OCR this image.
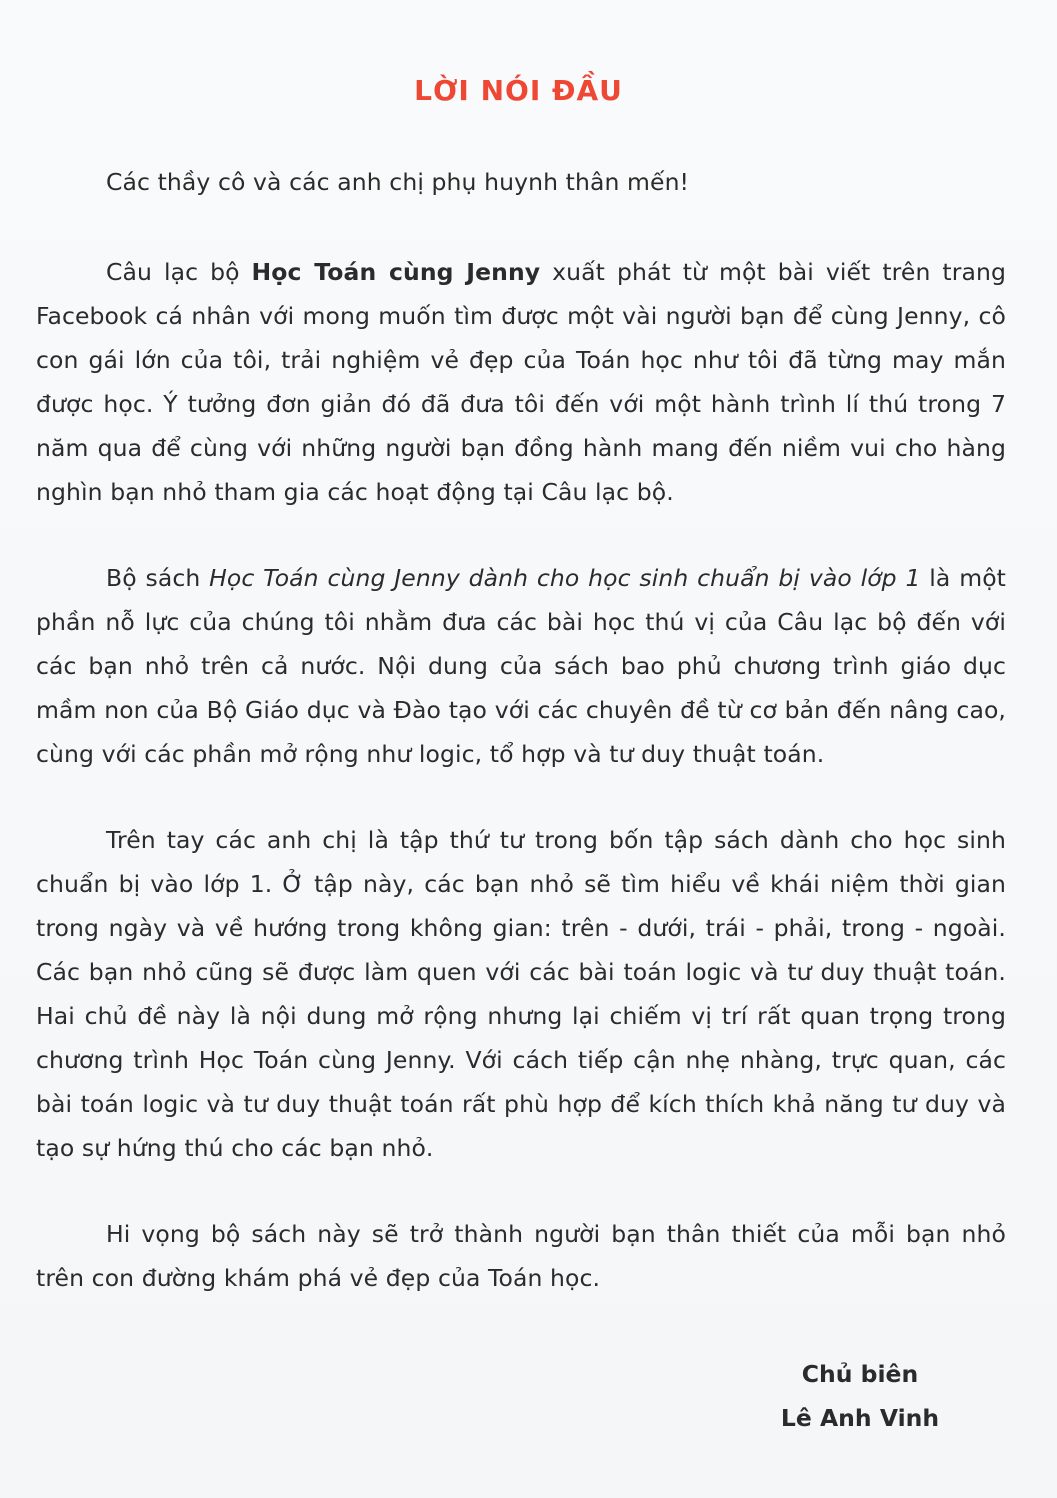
LỜI NÓI ĐẦU

Các thầy cô và các anh chị phụ huynh thân mến!

Câu lạc bộ Học Toán cùng Jenny xuất phát từ một bài viết trên trang Facebook cá nhân với mong muốn tìm được một vài người bạn để cùng Jenny, cô con gái lớn của tôi, trải nghiệm vẻ đẹp của Toán học như tôi đã từng may mắn được học. Ý tưởng đơn giản đó đã đưa tôi đến với một hành trình lí thú trong 7 năm qua để cùng với những người bạn đồng hành mang đến niềm vui cho hàng nghìn bạn nhỏ tham gia các hoạt động tại Câu lạc bộ.

Bộ sách Học Toán cùng Jenny dành cho học sinh chuẩn bị vào lớp 1 là một phần nỗ lực của chúng tôi nhằm đưa các bài học thú vị của Câu lạc bộ đến với các bạn nhỏ trên cả nước. Nội dung của sách bao phủ chương trình giáo dục mầm non của Bộ Giáo dục và Đào tạo với các chuyên đề từ cơ bản đến nâng cao, cùng với các phần mở rộng như logic, tổ hợp và tư duy thuật toán.

Trên tay các anh chị là tập thứ tư trong bốn tập sách dành cho học sinh chuẩn bị vào lớp 1. Ở tập này, các bạn nhỏ sẽ tìm hiểu về khái niệm thời gian trong ngày và về hướng trong không gian: trên - dưới, trái - phải, trong - ngoài. Các bạn nhỏ cũng sẽ được làm quen với các bài toán logic và tư duy thuật toán. Hai chủ đề này là nội dung mở rộng nhưng lại chiếm vị trí rất quan trọng trong chương trình Học Toán cùng Jenny. Với cách tiếp cận nhẹ nhàng, trực quan, các bài toán logic và tư duy thuật toán rất phù hợp để kích thích khả năng tư duy và tạo sự hứng thú cho các bạn nhỏ.

Hi vọng bộ sách này sẽ trở thành người bạn thân thiết của mỗi bạn nhỏ trên con đường khám phá vẻ đẹp của Toán học.

Chủ biên
Lê Anh Vinh
